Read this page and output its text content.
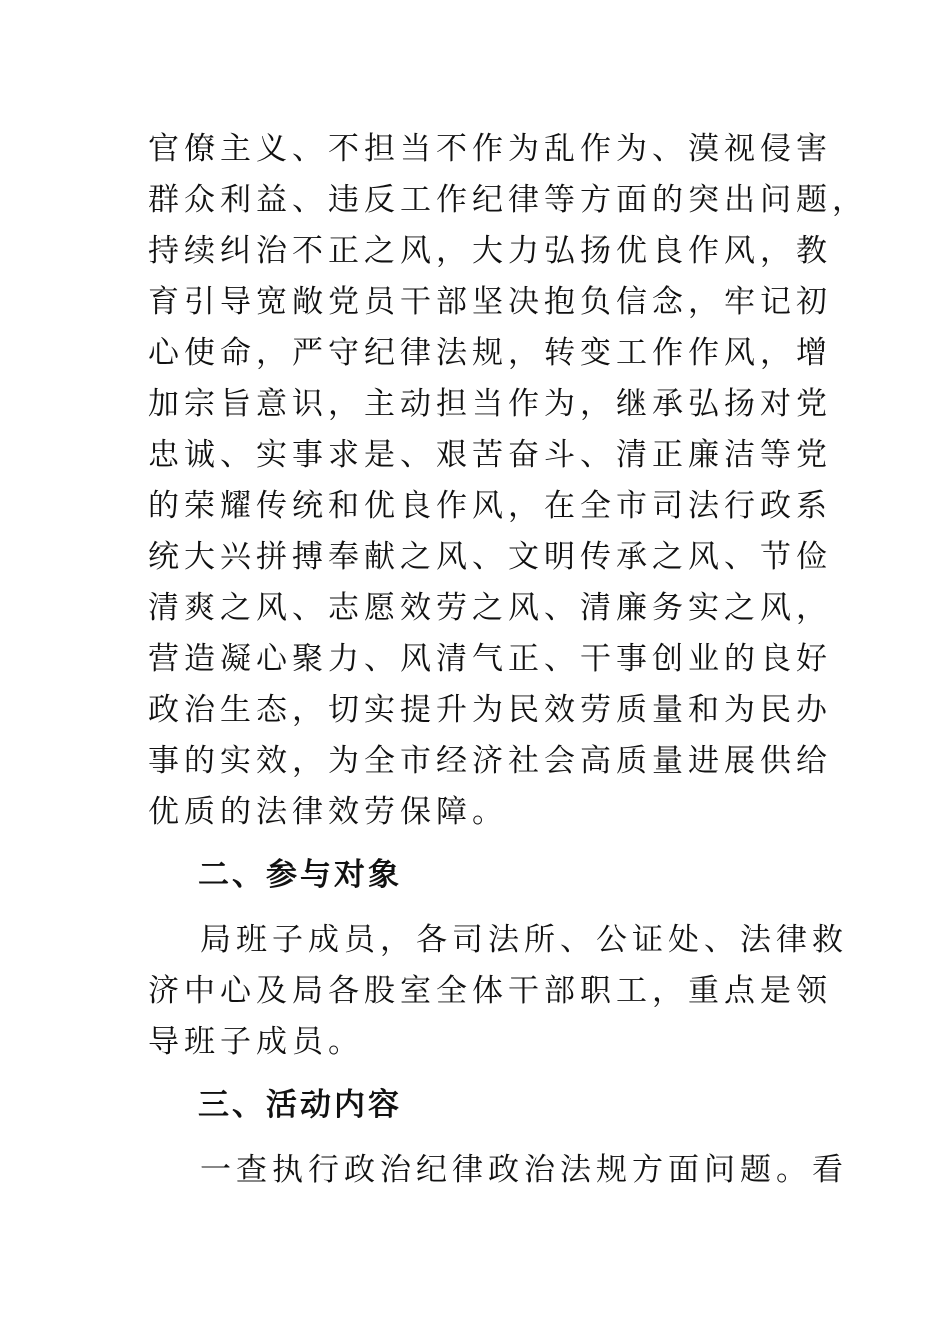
官僚主义、不担当不作为乱作为、漠视侵害
群众利益、违反工作纪律等方面的突出问题，
持续纠治不正之风，大力弘扬优良作风，教
育引导宽敞党员干部坚决抱负信念，牢记初
心使命，严守纪律法规，转变工作作风，增
加宗旨意识，主动担当作为，继承弘扬对党
忠诚、实事求是、艰苦奋斗、清正廉洁等党
的荣耀传统和优良作风，在全市司法行政系
统大兴拼搏奉献之风、文明传承之风、节俭
清爽之风、志愿效劳之风、清廉务实之风，
营造凝心聚力、风清气正、干事创业的良好
政治生态，切实提升为民效劳质量和为民办
事的实效，为全市经济社会高质量进展供给
优质的法律效劳保障。
二、参与对象
局班子成员，各司法所、公证处、法律救
济中心及局各股室全体干部职工，重点是领
导班子成员。
三、活动内容
一查执行政治纪律政治法规方面问题。看
